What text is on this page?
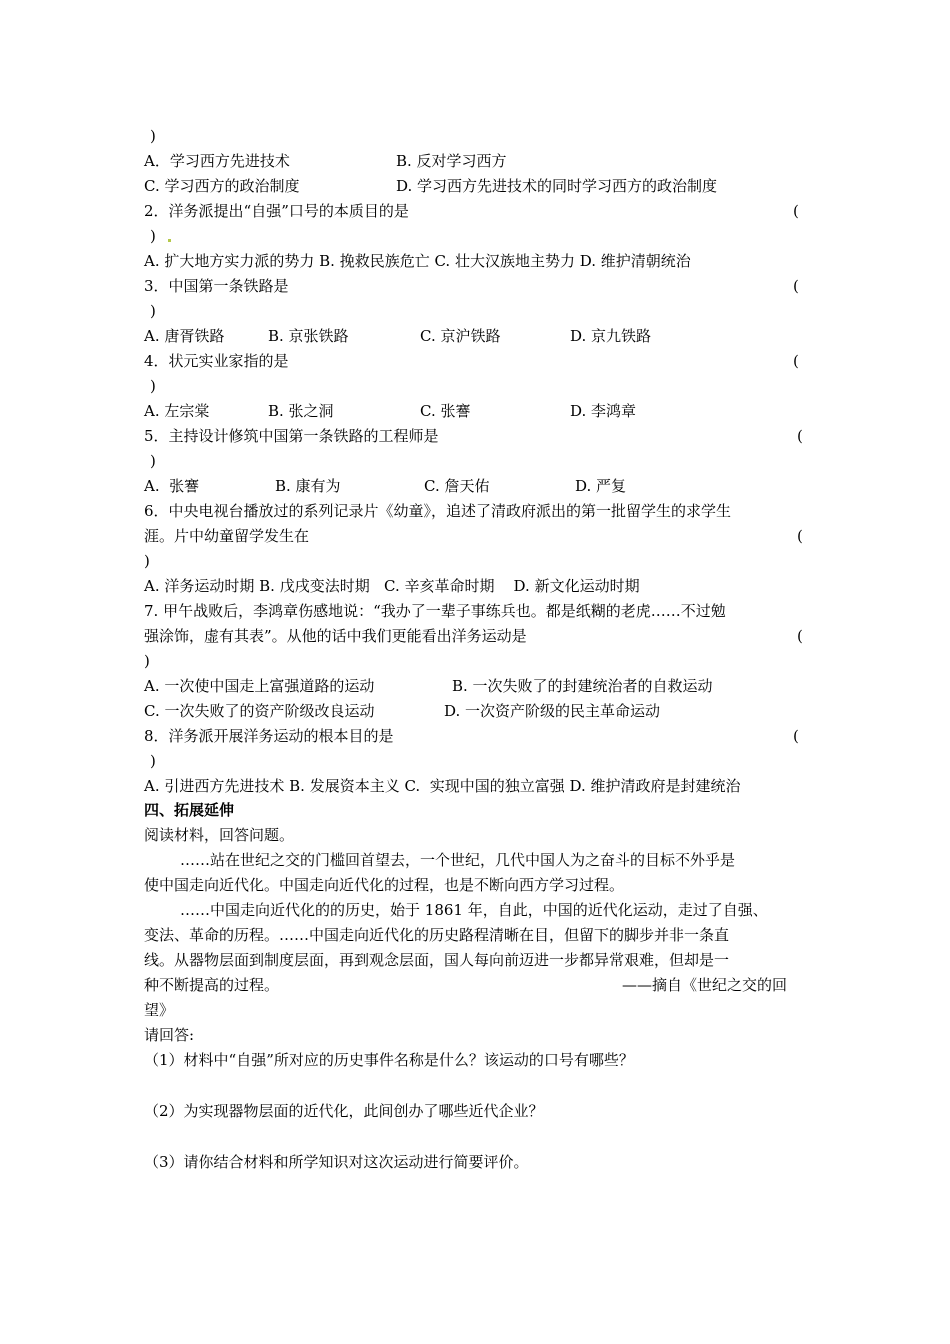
)
A．学习西方先进技术	B. 反对学习西方
C. 学习西方的政治制度	D. 学习西方先进技术的同时学习西方的政治制度
2．洋务派提出“自强”口号的本质目的是	(
)
A. 扩大地方实力派的势力 B. 挽救民族危亡 C. 壮大汉族地主势力 D. 维护清朝统治
3．中国第一条铁路是	(
)
A. 唐胥铁路	B. 京张铁路	C. 京沪铁路	D. 京九铁路
4．状元实业家指的是	(
)
A. 左宗棠	B. 张之洞	C. 张謇	D. 李鸿章
5．主持设计修筑中国第一条铁路的工程师是	(
)
A.  张謇	B. 康有为	C. 詹天佑	D. 严复
6．中央电视台播放过的系列记录片《幼童》，追述了清政府派出的第一批留学生的求学生
涯。片中幼童留学发生在	(
)
A. 洋务运动时期 B. 戊戌变法时期   C. 辛亥革命时期    D. 新文化运动时期
7. 甲午战败后，李鸿章伤感地说：“我办了一辈子事练兵也。都是纸糊的老虎……不过勉
强涂饰，虚有其表”。从他的话中我们更能看出洋务运动是	(
)
A. 一次使中国走上富强道路的运动	B. 一次失败了的封建统治者的自救运动
C. 一次失败了的资产阶级改良运动	D. 一次资产阶级的民主革命运动
8．洋务派开展洋务运动的根本目的是	(
)
A. 引进西方先进技术 B. 发展资本主义 C.  实现中国的独立富强 D. 维护清政府是封建统治
四、拓展延伸
阅读材料，回答问题。
……站在世纪之交的门槛回首望去，一个世纪，几代中国人为之奋斗的目标不外乎是
使中国走向近代化。中国走向近代化的过程，也是不断向西方学习过程。
……中国走向近代化的的历史，始于 1861 年，自此，中国的近代化运动，走过了自强、
变法、革命的历程。……中国走向近代化的历史路程清晰在目，但留下的脚步并非一条直
线。从器物层面到制度层面，再到观念层面，国人每向前迈进一步都异常艰难，但却是一
种不断提高的过程。	——摘自《世纪之交的回
望》
请回答:
（1）材料中“自强”所对应的历史事件名称是什么？该运动的口号有哪些？
（2）为实现器物层面的近代化，此间创办了哪些近代企业？
（3）请你结合材料和所学知识对这次运动进行简要评价。
